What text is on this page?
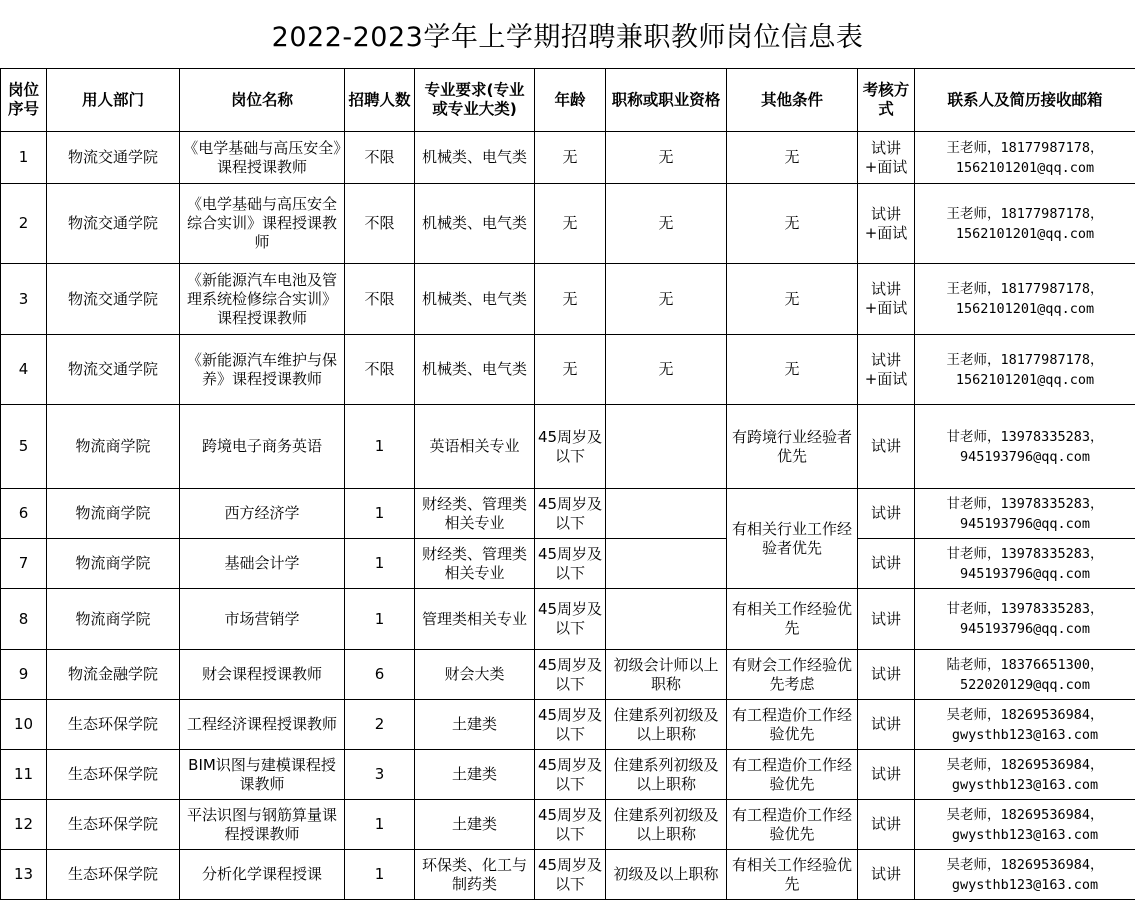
2022-2023学年上学期招聘兼职教师岗位信息表
岗位序号	用人部门	岗位名称	招聘人数	专业要求(专业或专业大类)	年龄	职称或职业资格	其他条件	考核方式	联系人及简历接收邮箱
1	物流交通学院	《电学基础与高压安全》课程授课教师	不限	机械类、电气类	无	无	无	试讲+面试	王老师，18177987178，
1562101201@qq.com

2	物流交通学院	《电学基础与高压安全综合实训》课程授课教师	不限	机械类、电气类	无	无	无	试讲+面试	王老师，18177987178，
1562101201@qq.com

3	物流交通学院	《新能源汽车电池及管理系统检修综合实训》课程授课教师	不限	机械类、电气类	无	无	无	试讲+面试	王老师，18177987178，
1562101201@qq.com

4	物流交通学院	《新能源汽车维护与保养》课程授课教师	不限	机械类、电气类	无	无	无	试讲+面试	王老师，18177987178，
1562101201@qq.com

5	物流商学院	跨境电子商务英语	1	英语相关专业	45周岁及以下		有跨境行业经验者优先	试讲	甘老师，13978335283，
945193796@qq.com

6	物流商学院	西方经济学	1	财经类、管理类相关专业	45周岁及以下		有相关行业工作经验者优先	试讲	甘老师，13978335283，
945193796@qq.com

7	物流商学院	基础会计学	1	财经类、管理类相关专业	45周岁及以下			试讲	甘老师，13978335283，
945193796@qq.com

8	物流商学院	市场营销学	1	管理类相关专业	45周岁及以下		有相关工作经验优先	试讲	甘老师，13978335283，
945193796@qq.com

9	物流金融学院	财会课程授课教师	6	财会大类	45周岁及以下	初级会计师以上职称	有财会工作经验优先考虑	试讲	陆老师，18376651300，
522020129@qq.com

10	生态环保学院	工程经济课程授课教师	2	土建类	45周岁及以下	住建系列初级及以上职称	有工程造价工作经验优先	试讲	吴老师，18269536984，
gwysthb123@163.com

11	生态环保学院	BIM识图与建模课程授课教师	3	土建类	45周岁及以下	住建系列初级及以上职称	有工程造价工作经验优先	试讲	吴老师，18269536984，
gwysthb123@163.com

12	生态环保学院	平法识图与钢筋算量课程授课教师	1	土建类	45周岁及以下	住建系列初级及以上职称	有工程造价工作经验优先	试讲	吴老师，18269536984，
gwysthb123@163.com

13	生态环保学院	分析化学课程授课	1	环保类、化工与制药类	45周岁及以下	初级及以上职称	有相关工作经验优先	试讲	吴老师，18269536984，
gwysthb123@163.com
